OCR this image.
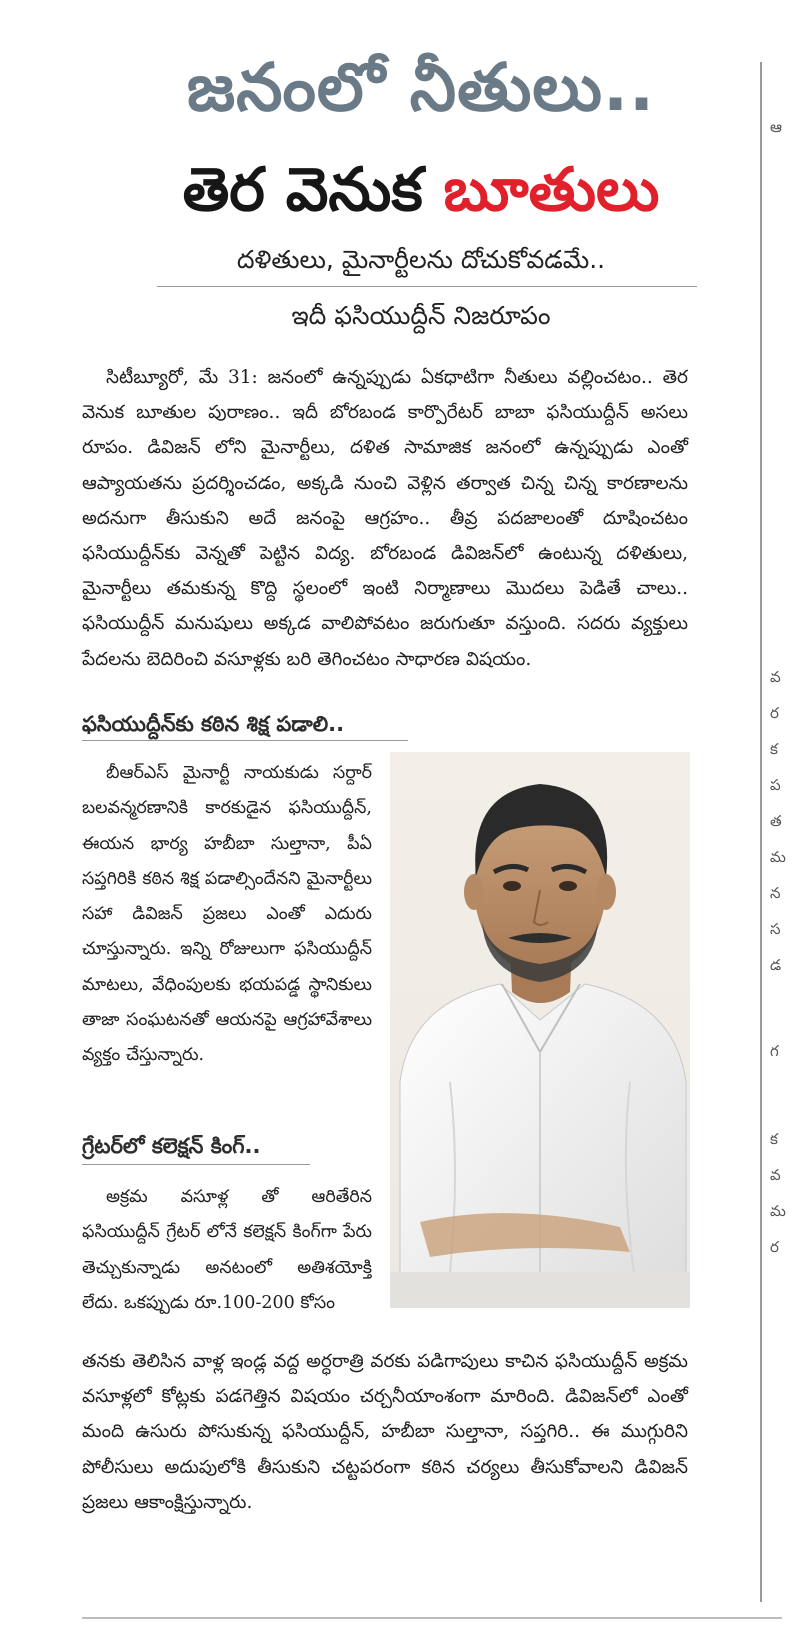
ఆ
వ
ర
క
ప
త
మ
న
స
డ
గ
క
వ
మ
ర
జనంలో నీతులు..
తెర వెనుక బూతులు
దళితులు, మైనార్టీలను దోచుకోవడమే..
ఇదీ ఫసియుద్దీన్ నిజరూపం

సిటీబ్యూరో, మే 31: జనంలో ఉన్నప్పుడు ఏకధాటిగా నీతులు వల్లించటం.. తెర వెనుక బూతుల పురాణం.. ఇదీ బోరబండ కార్పొరేటర్ బాబా ఫసియుద్దీన్ అసలు రూపం. డివిజన్ లోని మైనార్టీలు, దళిత సామాజిక జనంలో ఉన్నప్పుడు ఎంతో ఆప్యాయతను ప్రదర్శించడం, అక్కడి నుంచి వెళ్లిన తర్వాత చిన్న చిన్న కారణాలను అదనుగా తీసుకుని అదే జనంపై ఆగ్రహం.. తీవ్ర పదజాలంతో దూషించటం ఫసియుద్దీన్‌కు వెన్నతో పెట్టిన విద్య. బోరబండ డివిజన్‌లో ఉంటున్న దళితులు, మైనార్టీలు తమకున్న కొద్ది స్థలంలో ఇంటి నిర్మాణాలు మొదలు పెడితే చాలు.. ఫసియుద్దీన్ మనుషులు అక్కడ వాలిపోవటం జరుగుతూ వస్తుంది. సదరు వ్యక్తులు పేదలను బెదిరించి వసూళ్లకు బరి తెగించటం సాధారణ విషయం.

ఫసియుద్దీన్‌కు కఠిన శిక్ష పడాలి..

బీఆర్ఎస్ మైనార్టీ నాయకుడు సర్దార్ బలవన్మరణానికి కారకుడైన ఫసియుద్దీన్, ఈయన భార్య హబీబా సుల్తానా, పీఏ సప్తగిరికి కఠిన శిక్ష పడాల్సిందేనని మైనార్టీలు సహా డివిజన్ ప్రజలు ఎంతో ఎదురు చూస్తున్నారు. ఇన్ని రోజులుగా ఫసియుద్దీన్ మాటలు, వేధింపులకు భయపడ్డ స్థానికులు తాజా సంఘటనతో ఆయనపై ఆగ్రహావేశాలు వ్యక్తం చేస్తున్నారు.

గ్రేటర్‌లో కలెక్షన్ కింగ్..

అక్రమ వసూళ్ల తో ఆరితేరిన ఫసియుద్దీన్ గ్రేటర్ లోనే కలెక్షన్ కింగ్‌గా పేరు తెచ్చుకున్నాడు అనటంలో అతిశయోక్తి లేదు. ఒకప్పుడు రూ.100-200 కోసం

తనకు తెలిసిన వాళ్ల ఇండ్ల వద్ద అర్ధరాత్రి వరకు పడిగాపులు కాచిన ఫసియుద్దీన్ అక్రమ వసూళ్లలో కోట్లకు పడగెత్తిన విషయం చర్చనీయాంశంగా మారింది. డివిజన్‌లో ఎంతో మంది ఉసురు పోసుకున్న ఫసియుద్దీన్, హబీబా సుల్తానా, సప్తగిరి.. ఈ ముగ్గురిని పోలీసులు అదుపులోకి తీసుకుని చట్టపరంగా కఠిన చర్యలు తీసుకోవాలని డివిజన్ ప్రజలు ఆకాంక్షిస్తున్నారు.
